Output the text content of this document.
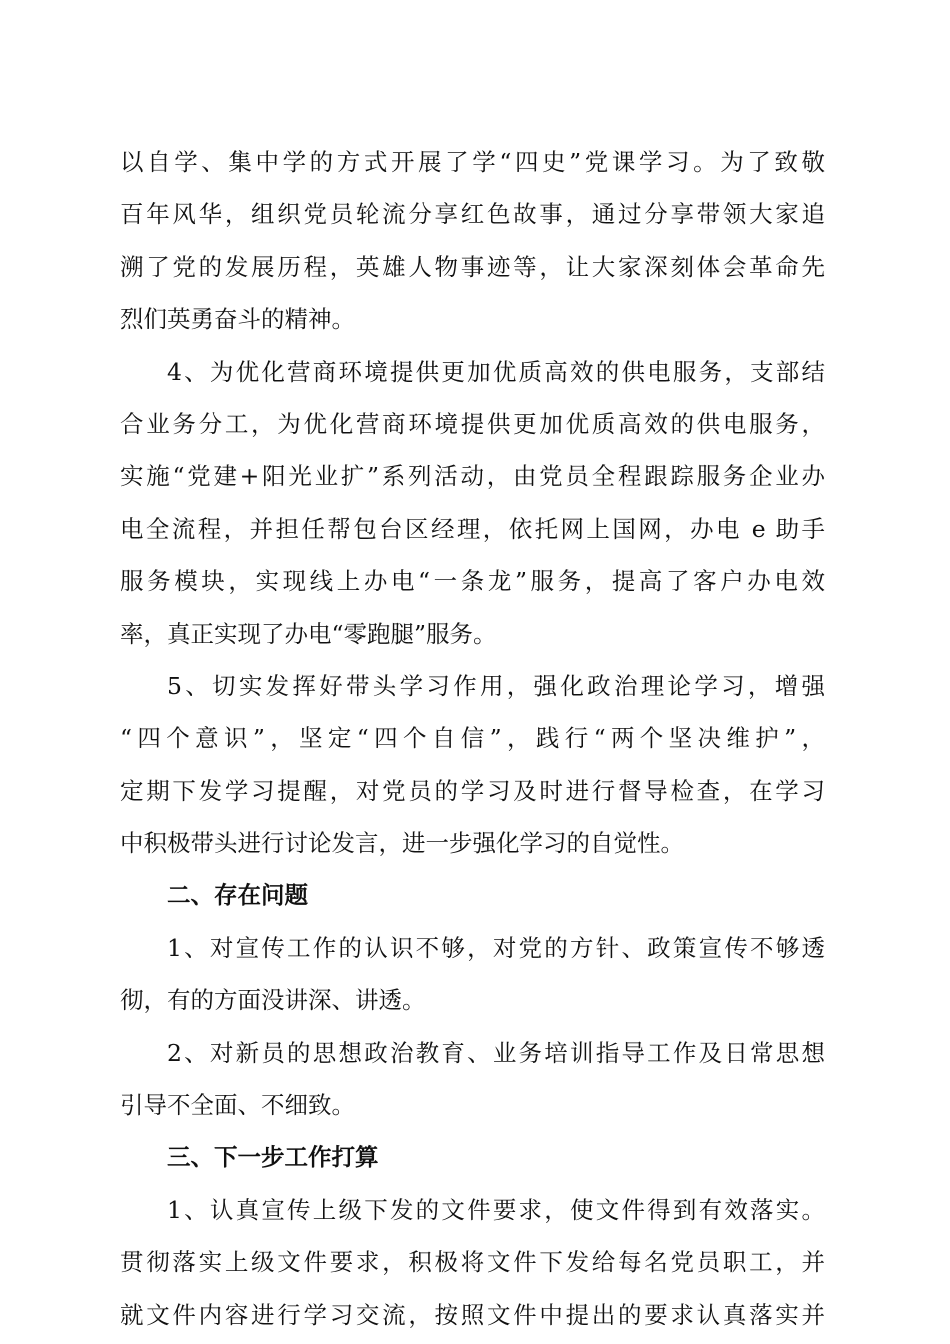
以自学、集中学的方式开展了学“四史”党课学习。为了致敬
百年风华，组织党员轮流分享红色故事，通过分享带领大家追
溯了党的发展历程，英雄人物事迹等，让大家深刻体会革命先
烈们英勇奋斗的精神。
4、为优化营商环境提供更加优质高效的供电服务，支部结
合业务分工，为优化营商环境提供更加优质高效的供电服务，
实施“党建+阳光业扩”系列活动，由党员全程跟踪服务企业办
电全流程，并担任帮包台区经理，依托网上国网，办电 e 助手
服务模块，实现线上办电“一条龙”服务，提高了客户办电效
率，真正实现了办电“零跑腿”服务。
5、切实发挥好带头学习作用，强化政治理论学习，增强
“四个意识”，坚定“四个自信”，践行“两个坚决维护”，
定期下发学习提醒，对党员的学习及时进行督导检查，在学习
中积极带头进行讨论发言，进一步强化学习的自觉性。
二、存在问题
1、对宣传工作的认识不够，对党的方针、政策宣传不够透
彻，有的方面没讲深、讲透。
2、对新员的思想政治教育、业务培训指导工作及日常思想
引导不全面、不细致。
三、下一步工作打算
1、认真宣传上级下发的文件要求，使文件得到有效落实。
贯彻落实上级文件要求，积极将文件下发给每名党员职工，并
就文件内容进行学习交流，按照文件中提出的要求认真落实并
